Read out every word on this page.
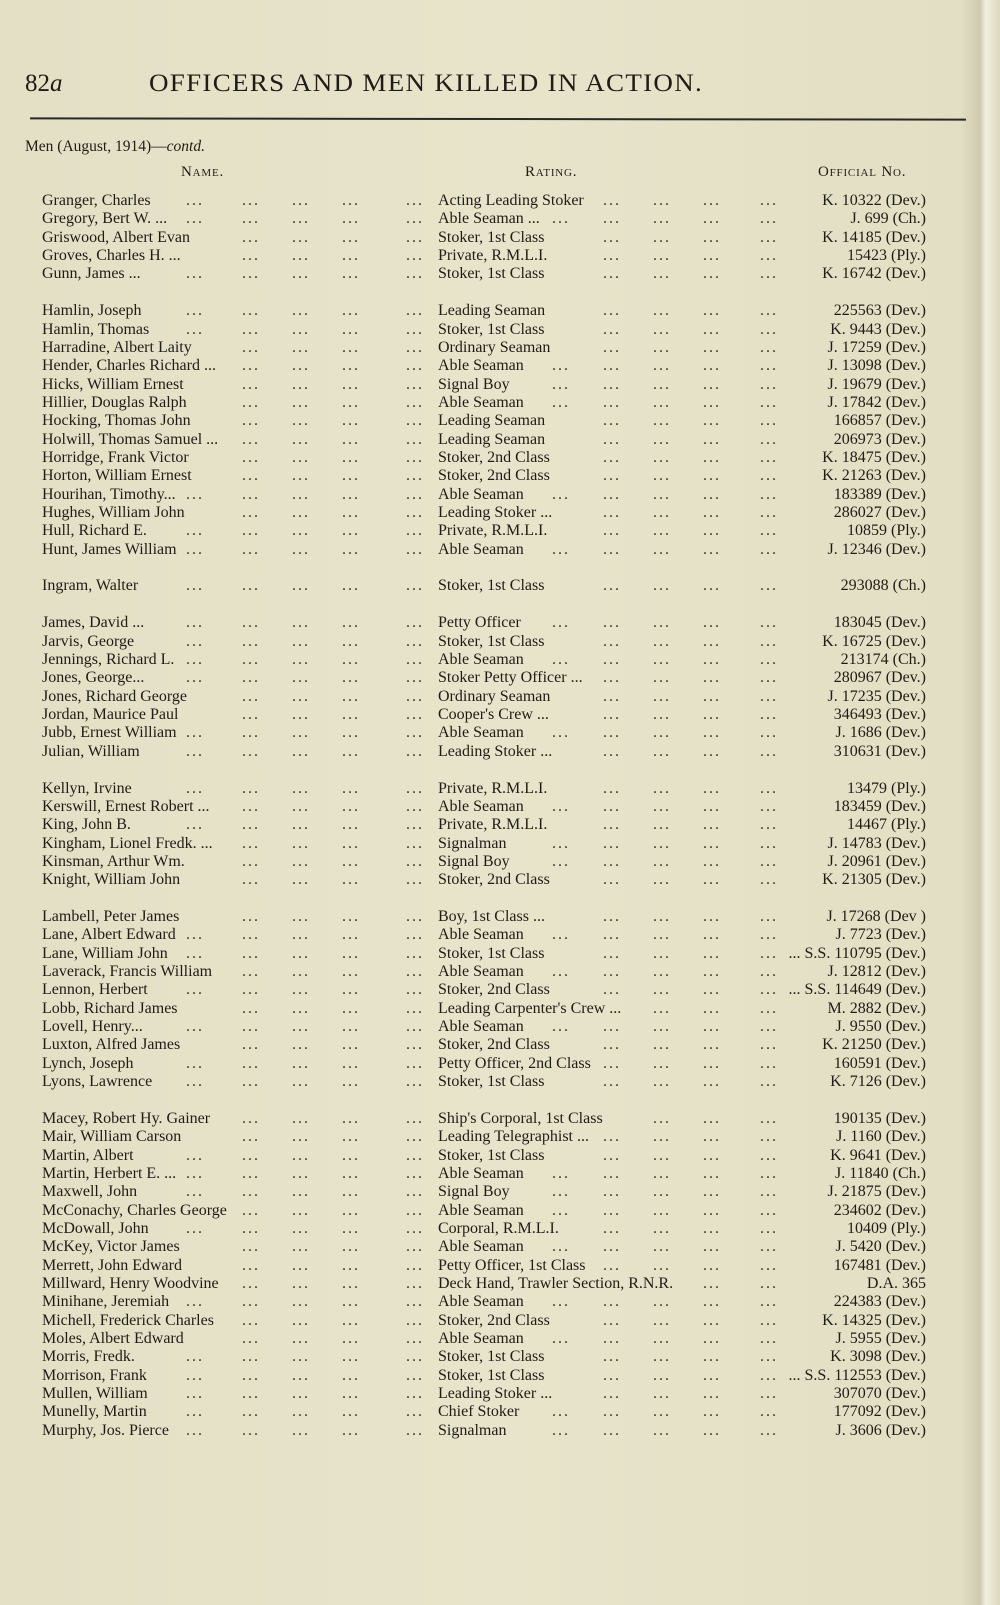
82a	OFFICERS AND MEN KILLED IN ACTION.
Men (August, 1914)—contd.
Name.	Rating.	Official No.
Granger, Charles	Acting Leading Stoker	K. 10322 (Dev.)
... ... ... ...	...	... ... ... ...
Gregory, Bert W. ...	Able Seaman ...	J. 699 (Ch.)
... ... ... ...	...	... ... ... ... ...
Griswood, Albert Evan	Stoker, 1st Class	K. 14185 (Dev.)
... ... ...	...	... ... ... ...
Groves, Charles H. ...	Private, R.M.L.I.	15423 (Ply.)
... ... ...	...	... ... ... ...
Gunn, James ...	Stoker, 1st Class	K. 16742 (Dev.)
... ... ... ...	...	... ... ... ...
Hamlin, Joseph	Leading Seaman	225563 (Dev.)
... ... ... ...	...	... ... ... ...
Hamlin, Thomas	Stoker, 1st Class	K. 9443 (Dev.)
... ... ... ...	...	... ... ... ...
Harradine, Albert Laity	Ordinary Seaman	J. 17259 (Dev.)
... ... ...	...	... ... ... ...
Hender, Charles Richard ...	Able Seaman	J. 13098 (Dev.)
... ... ...	...	... ... ... ... ...
Hicks, William Ernest	Signal Boy	J. 19679 (Dev.)
... ... ...	...	... ... ... ... ...
Hillier, Douglas Ralph	Able Seaman	J. 17842 (Dev.)
... ... ...	...	... ... ... ... ...
Hocking, Thomas John	Leading Seaman	166857 (Dev.)
... ... ...	...	... ... ... ...
Holwill, Thomas Samuel ...	Leading Seaman	206973 (Dev.)
... ... ...	...	... ... ... ...
Horridge, Frank Victor	Stoker, 2nd Class	K. 18475 (Dev.)
... ... ...	...	... ... ... ...
Horton, William Ernest	Stoker, 2nd Class	K. 21263 (Dev.)
... ... ...	...	... ... ... ...
Hourihan, Timothy...	Able Seaman	183389 (Dev.)
... ... ... ...	...	... ... ... ... ...
Hughes, William John	Leading Stoker ...	286027 (Dev.)
... ... ...	...	... ... ... ...
Hull, Richard E.	Private, R.M.L.I.	10859 (Ply.)
... ... ... ...	...	... ... ... ...
Hunt, James William	Able Seaman	J. 12346 (Dev.)
... ... ... ...	...	... ... ... ... ...
Ingram, Walter	Stoker, 1st Class	293088 (Ch.)
... ... ... ...	...	... ... ... ...
James, David ...	Petty Officer	183045 (Dev.)
... ... ... ...	...	... ... ... ... ...
Jarvis, George	Stoker, 1st Class	K. 16725 (Dev.)
... ... ... ...	...	... ... ... ...
Jennings, Richard L.	Able Seaman	213174 (Ch.)
... ... ... ...	...	... ... ... ... ...
Jones, George...	Stoker Petty Officer ...	280967 (Dev.)
... ... ... ...	...	... ... ... ...
Jones, Richard George	Ordinary Seaman	J. 17235 (Dev.)
... ... ...	...	... ... ... ...
Jordan, Maurice Paul	Cooper's Crew ...	346493 (Dev.)
... ... ...	...	... ... ... ...
Jubb, Ernest William	Able Seaman	J. 1686 (Dev.)
... ... ... ...	...	... ... ... ... ...
Julian, William	Leading Stoker ...	310631 (Dev.)
... ... ... ...	...	... ... ... ...
Kellyn, Irvine	Private, R.M.L.I.	13479 (Ply.)
... ... ... ...	...	... ... ... ...
Kerswill, Ernest Robert ...	Able Seaman	183459 (Dev.)
... ... ...	...	... ... ... ... ...
King, John B.	Private, R.M.L.I.	14467 (Ply.)
... ... ... ...	...	... ... ... ...
Kingham, Lionel Fredk. ...	Signalman	J. 14783 (Dev.)
... ... ...	...	... ... ... ... ...
Kinsman, Arthur Wm.	Signal Boy	J. 20961 (Dev.)
... ... ...	...	... ... ... ... ...
Knight, William John	Stoker, 2nd Class	K. 21305 (Dev.)
... ... ...	...	... ... ... ...
Lambell, Peter James	Boy, 1st Class ...	J. 17268 (Dev )
... ... ...	...	... ... ... ...
Lane, Albert Edward	Able Seaman	J. 7723 (Dev.)
... ... ... ...	...	... ... ... ... ...
Lane, William John	Stoker, 1st Class	... S.S. 110795 (Dev.)
... ... ... ...	...	... ... ... ...
Laverack, Francis William	Able Seaman	J. 12812 (Dev.)
... ... ...	...	... ... ... ... ...
Lennon, Herbert	Stoker, 2nd Class	... S.S. 114649 (Dev.)
... ... ... ...	...	... ... ... ...
Lobb, Richard James	Leading Carpenter's Crew ...	M. 2882 (Dev.)
... ... ...	...	... ... ...
Lovell, Henry...	Able Seaman	J. 9550 (Dev.)
... ... ... ...	...	... ... ... ... ...
Luxton, Alfred James	Stoker, 2nd Class	K. 21250 (Dev.)
... ... ...	...	... ... ... ...
Lynch, Joseph	Petty Officer, 2nd Class	160591 (Dev.)
... ... ... ...	...	... ... ... ...
Lyons, Lawrence	Stoker, 1st Class	K. 7126 (Dev.)
... ... ... ...	...	... ... ... ...
Macey, Robert Hy. Gainer	Ship's Corporal, 1st Class	190135 (Dev.)
... ... ...	...	... ... ...
Mair, William Carson	Leading Telegraphist ...	J. 1160 (Dev.)
... ... ...	...	... ... ... ...
Martin, Albert	Stoker, 1st Class	K. 9641 (Dev.)
... ... ... ...	...	... ... ... ...
Martin, Herbert E. ...	Able Seaman	J. 11840 (Ch.)
... ... ... ...	...	... ... ... ... ...
Maxwell, John	Signal Boy	J. 21875 (Dev.)
... ... ... ...	...	... ... ... ... ...
McConachy, Charles George	Able Seaman	234602 (Dev.)
... ... ...	...	... ... ... ... ...
McDowall, John	Corporal, R.M.L.I.	10409 (Ply.)
... ... ... ...	...	... ... ... ...
McKey, Victor James	Able Seaman	J. 5420 (Dev.)
... ... ...	...	... ... ... ... ...
Merrett, John Edward	Petty Officer, 1st Class	167481 (Dev.)
... ... ...	...	... ... ... ...
Millward, Henry Woodvine	Deck Hand, Trawler Section, R.N.R.	D.A. 365
... ... ...	...	... ...
Minihane, Jeremiah	Able Seaman	224383 (Dev.)
... ... ... ...	...	... ... ... ... ...
Michell, Frederick Charles	Stoker, 2nd Class	K. 14325 (Dev.)
... ... ...	...	... ... ... ...
Moles, Albert Edward	Able Seaman	J. 5955 (Dev.)
... ... ...	...	... ... ... ... ...
Morris, Fredk.	Stoker, 1st Class	K. 3098 (Dev.)
... ... ... ...	...	... ... ... ...
Morrison, Frank	Stoker, 1st Class	... S.S. 112553 (Dev.)
... ... ... ...	...	... ... ... ...
Mullen, William	Leading Stoker ...	307070 (Dev.)
... ... ... ...	...	... ... ... ...
Munelly, Martin	Chief Stoker	177092 (Dev.)
... ... ... ...	...	... ... ... ... ...
Murphy, Jos. Pierce	Signalman	J. 3606 (Dev.)
... ... ... ...	...	... ... ... ... ...
